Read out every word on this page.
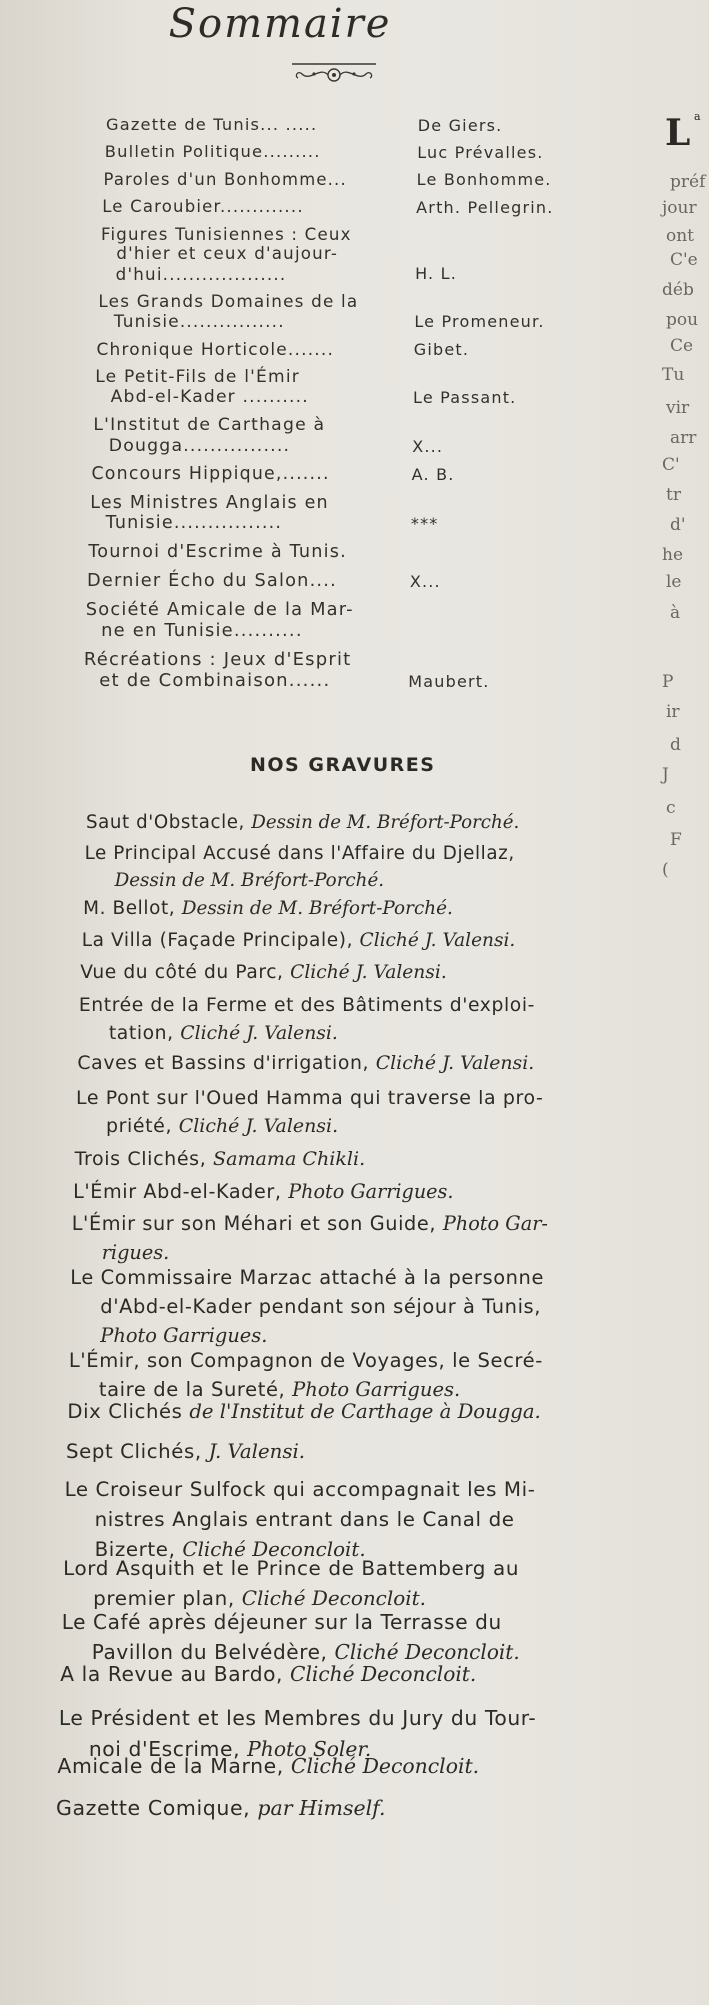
Sommaire
Gazette de Tunis... .....	De Giers.
Bulletin Politique.........	Luc Prévalles.
Paroles d'un Bonhomme...	Le Bonhomme.
Le Caroubier.............	Arth. Pellegrin.
Figures Tunisiennes : Ceux
d'hier et ceux d'aujour-
d'hui...................	H. L.
Les Grands Domaines de la
Tunisie................	Le Promeneur.
Chronique Horticole.......	Gibet.
Le Petit-Fils de l'Émir
Abd-el-Kader ..........	Le Passant.
L'Institut de Carthage à
Dougga................	X...
Concours Hippique,.......	A. B.
Les Ministres Anglais en
Tunisie................	***
Tournoi d'Escrime à Tunis.
Dernier Écho du Salon....	X...
Société Amicale de la Mar-
ne en Tunisie..........
Récréations : Jeux d'Esprit
et de Combinaison......	Maubert.
NOS GRAVURES
Saut d'Obstacle, Dessin de M. Bréfort-Porché.
Le Principal Accusé dans l'Affaire du Djellaz,
Dessin de M. Bréfort-Porché.
M. Bellot, Dessin de M. Bréfort-Porché.
La Villa (Façade Principale), Cliché J. Valensi.
Vue du côté du Parc, Cliché J. Valensi.
Entrée de la Ferme et des Bâtiments d'exploi-
tation, Cliché J. Valensi.
Caves et Bassins d'irrigation, Cliché J. Valensi.
Le Pont sur l'Oued Hamma qui traverse la pro-
priété, Cliché J. Valensi.
Trois Clichés, Samama Chikli.
L'Émir Abd-el-Kader, Photo Garrigues.
L'Émir sur son Méhari et son Guide, Photo Gar-
rigues.
Le Commissaire Marzac attaché à la personne
d'Abd-el-Kader pendant son séjour à Tunis,
Photo Garrigues.
L'Émir, son Compagnon de Voyages, le Secré-
taire de la Sureté, Photo Garrigues.
Dix Clichés de l'Institut de Carthage à Dougga.
Sept Clichés, J. Valensi.
Le Croiseur Sulfock qui accompagnait les Mi-
nistres Anglais entrant dans le Canal de
Bizerte, Cliché Deconcloit.
Lord Asquith et le Prince de Battemberg au
premier plan, Cliché Deconcloit.
Le Café après déjeuner sur la Terrasse du
Pavillon du Belvédère, Cliché Deconcloit.
A la Revue au Bardo, Cliché Deconcloit.
Le Président et les Membres du Jury du Tour-
noi d'Escrime, Photo Soler.
Amicale de la Marne, Cliché Deconcloit.
Gazette Comique, par Himself.
L a
préf
jour
ont
C'e
déb
pou
Ce
Tu
vir
arr
C'
tr
d'
he
le
à
P
ir
d
J
c
F
(
